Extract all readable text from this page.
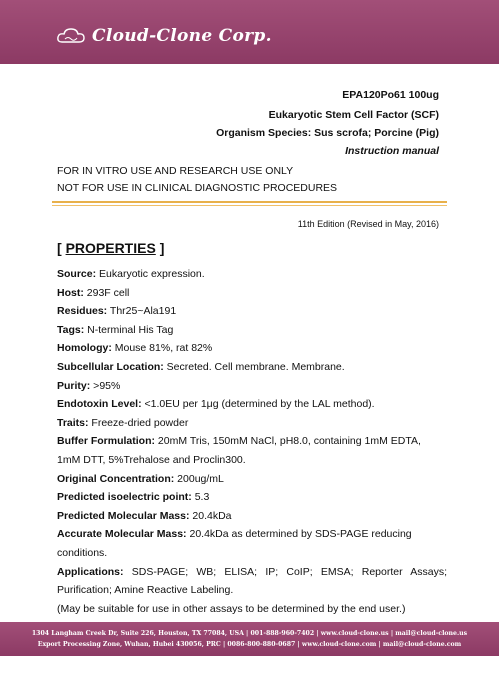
Cloud-Clone Corp.
EPA120Po61 100ug
Eukaryotic Stem Cell Factor (SCF)
Organism Species: Sus scrofa; Porcine (Pig)
Instruction manual
FOR IN VITRO USE AND RESEARCH USE ONLY
NOT FOR USE IN CLINICAL DIAGNOSTIC PROCEDURES
11th Edition (Revised in May, 2016)
[ PROPERTIES ]
Source: Eukaryotic expression.
Host: 293F cell
Residues: Thr25~Ala191
Tags: N-terminal His Tag
Homology: Mouse 81%, rat 82%
Subcellular Location: Secreted. Cell membrane. Membrane.
Purity: >95%
Endotoxin Level: <1.0EU per 1μg (determined by the LAL method).
Traits: Freeze-dried powder
Buffer Formulation: 20mM Tris, 150mM NaCl, pH8.0, containing 1mM EDTA, 1mM DTT, 5%Trehalose and Proclin300.
Original Concentration: 200ug/mL
Predicted isoelectric point: 5.3
Predicted Molecular Mass: 20.4kDa
Accurate Molecular Mass: 20.4kDa as determined by SDS-PAGE reducing conditions.
Applications: SDS-PAGE; WB; ELISA; IP; CoIP; EMSA; Reporter Assays; Purification; Amine Reactive Labeling.
(May be suitable for use in other assays to be determined by the end user.)
1304 Langham Creek Dr, Suite 226, Houston, TX 77084, USA | 001-888-960-7402 | www.cloud-clone.us | mail@cloud-clone.us
Export Processing Zone, Wuhan, Hubei 430056, PRC | 0086-800-880-0687 | www.cloud-clone.com | mail@cloud-clone.com
